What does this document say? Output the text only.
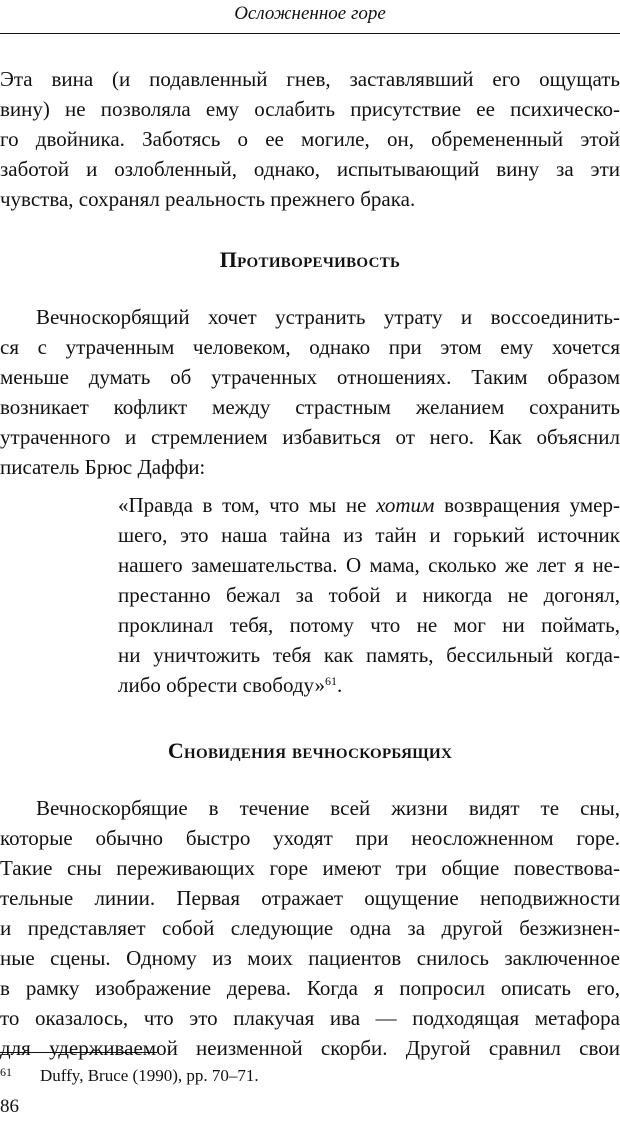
Осложненное горе
Эта вина (и подавленный гнев, заставлявший его ощущать
вину) не позволяла ему ослабить присутствие ее психическо-
го двойника. Заботясь о ее могиле, он, обремененный этой
заботой и озлобленный, однако, испытывающий вину за эти
чувства, сохранял реальность прежнего брака.
Противоречивость
Вечноскорбящий хочет устранить утрату и воссоединить-
ся с утраченным человеком, однако при этом ему хочется
меньше думать об утраченных отношениях. Таким образом
возникает кофликт между страстным желанием сохранить
утраченного и стремлением избавиться от него. Как объяснил
писатель Брюс Даффи:
«Правда в том, что мы не хотим возвращения умер-
шего, это наша тайна из тайн и горький источник
нашего замешательства. О мама, сколько же лет я не-
престанно бежал за тобой и никогда не догонял,
проклинал тебя, потому что не мог ни поймать,
ни уничтожить тебя как память, бессильный когда-
либо обрести свободу»$^{61}$.
Сновидения вечноскорбящих
Вечноскорбящие в течение всей жизни видят те сны,
которые обычно быстро уходят при неосложненном горе.
Такие сны переживающих горе имеют три общие повествова-
тельные линии. Первая отражает ощущение неподвижности
и представляет собой следующие одна за другой безжизнен-
ные сцены. Одному из моих пациентов снилось заключенное
в рамку изображение дерева. Когда я попросил описать его,
то оказалось, что это плакучая ива — подходящая метафора
для удерживаемой неизменной скорби. Другой сравнил свои
61 Duffy, Bruce (1990), pp. 70–71.
86
